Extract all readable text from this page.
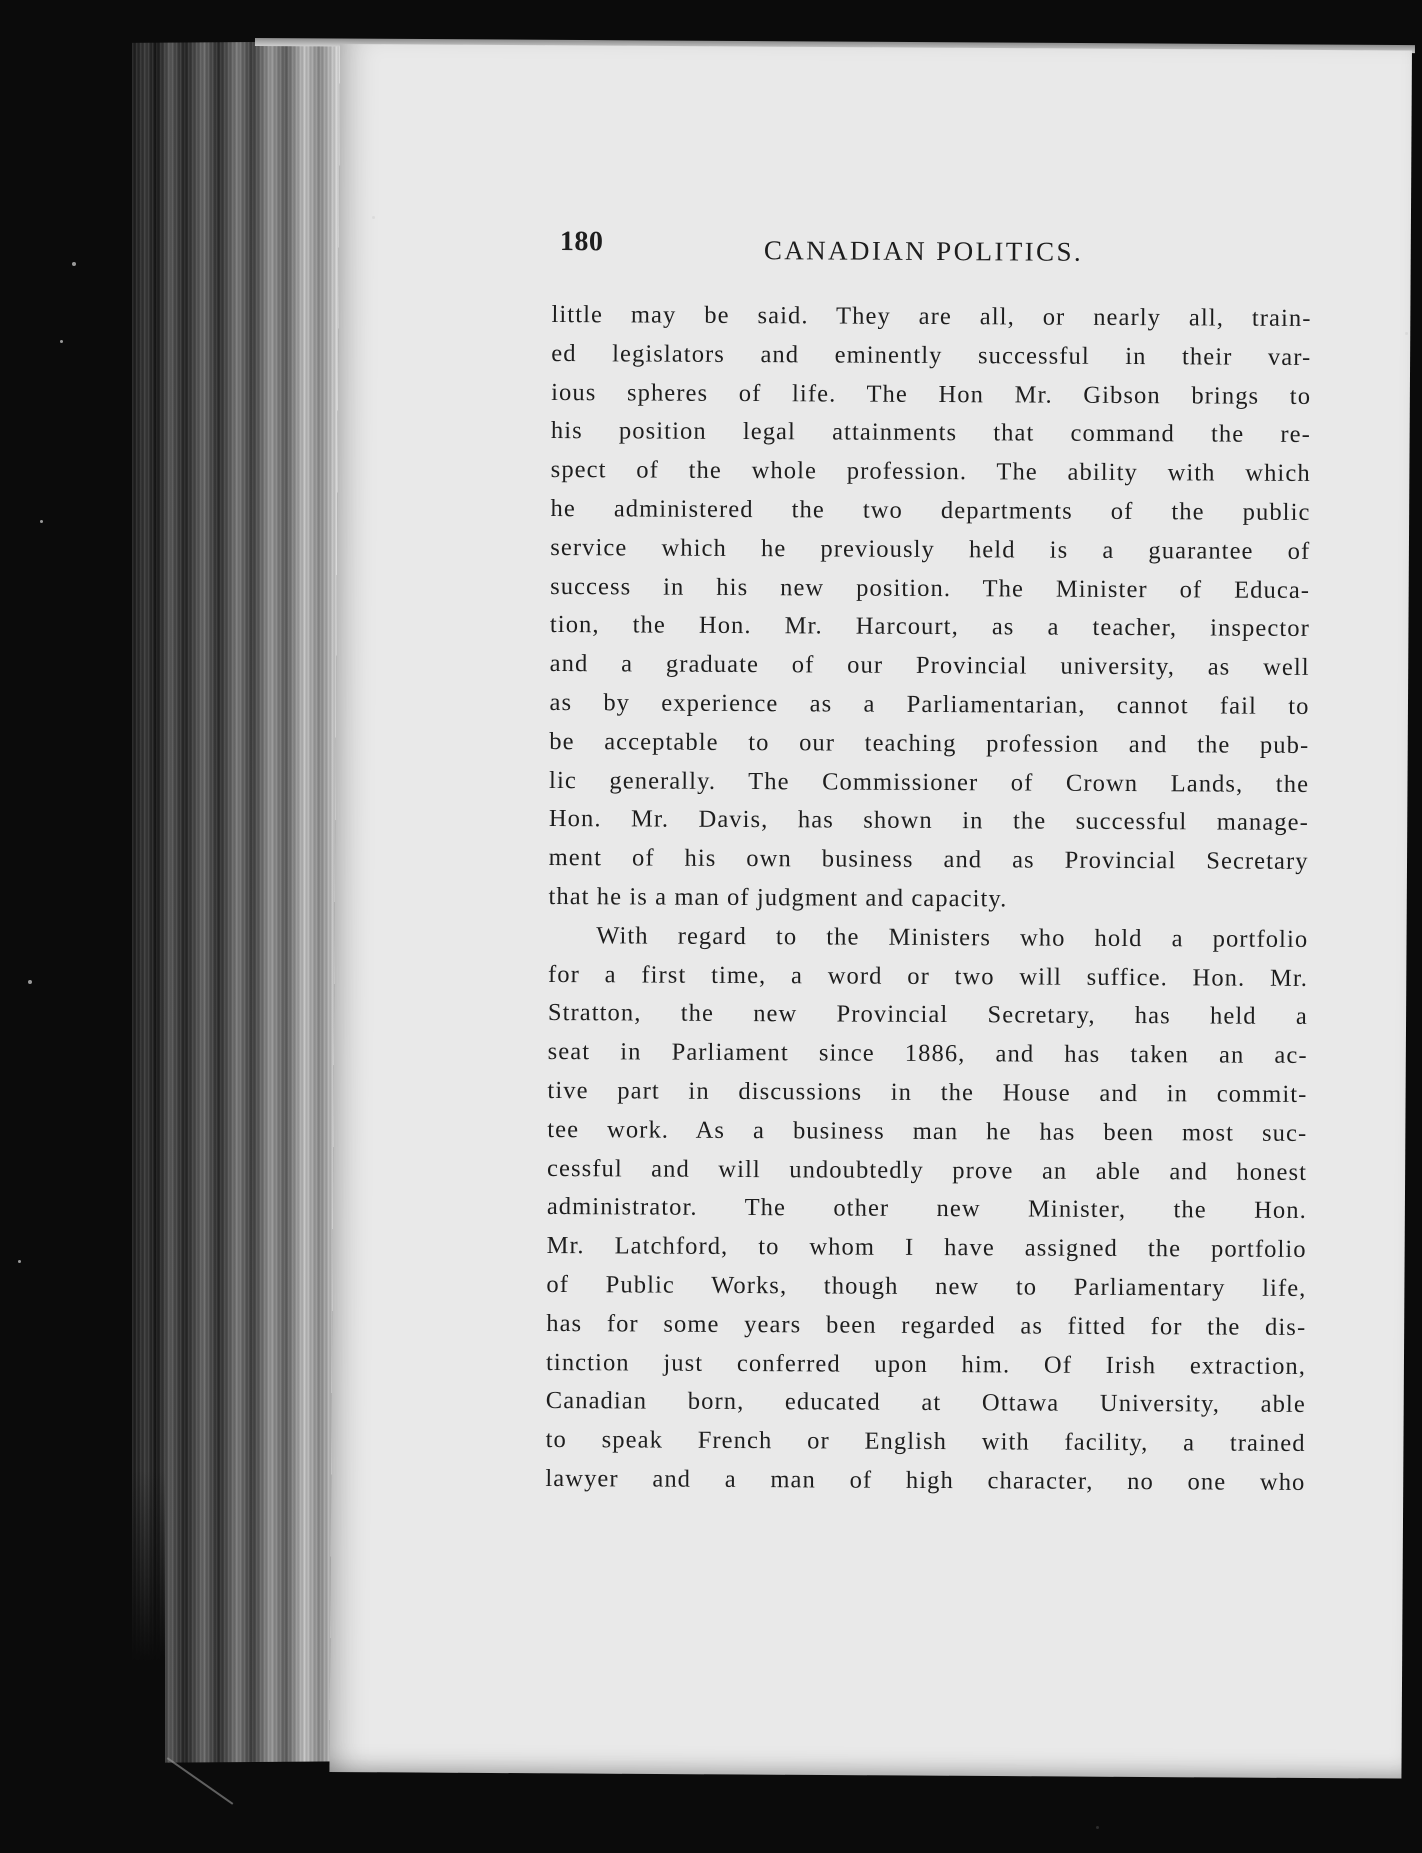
180	CANADIAN POLITICS.
little may be said. They are all, or nearly all, train-
ed legislators and eminently successful in their var-
ious spheres of life. The Hon Mr. Gibson brings to
his position legal attainments that command the re-
spect of the whole profession. The ability with which
he administered the two departments of the public
service which he previously held is a guarantee of
success in his new position. The Minister of Educa-
tion, the Hon. Mr. Harcourt, as a teacher, inspector
and a graduate of our Provincial university, as well
as by experience as a Parliamentarian, cannot fail to
be acceptable to our teaching profession and the pub-
lic generally. The Commissioner of Crown Lands, the
Hon. Mr. Davis, has shown in the successful manage-
ment of his own business and as Provincial Secretary
that he is a man of judgment and capacity.
With regard to the Ministers who hold a portfolio
for a first time, a word or two will suffice. Hon. Mr.
Stratton, the new Provincial Secretary, has held a
seat in Parliament since 1886, and has taken an ac-
tive part in discussions in the House and in commit-
tee work. As a business man he has been most suc-
cessful and will undoubtedly prove an able and honest
administrator. The other new Minister, the Hon.
Mr. Latchford, to whom I have assigned the portfolio
of Public Works, though new to Parliamentary life,
has for some years been regarded as fitted for the dis-
tinction just conferred upon him. Of Irish extraction,
Canadian born, educated at Ottawa University, able
to speak French or English with facility, a trained
lawyer and a man of high character, no one who
